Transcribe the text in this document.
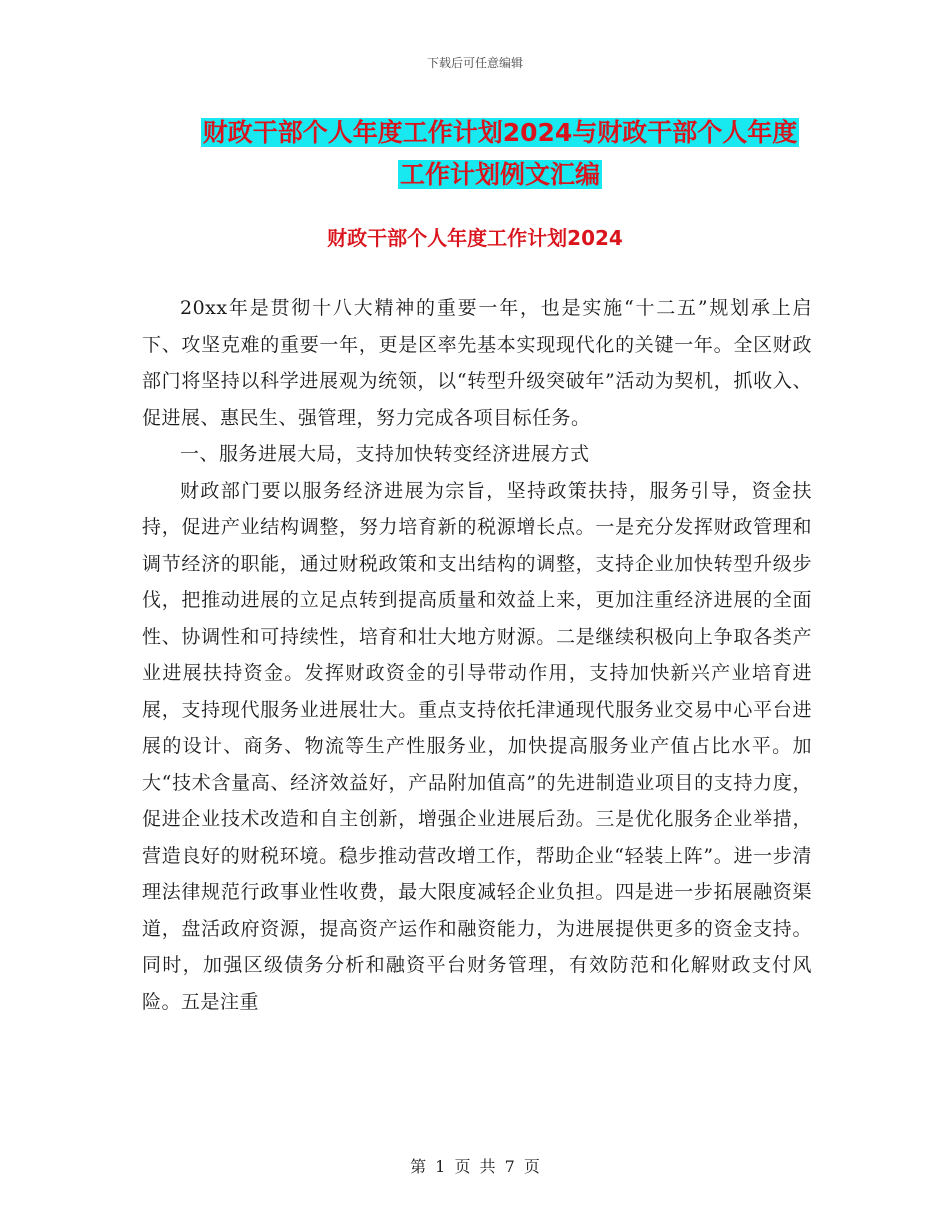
下载后可任意编辑
财政干部个人年度工作计划2024与财政干部个人年度
工作计划例文汇编
财政干部个人年度工作计划2024

20xx年是贯彻十八大精神的重要一年，也是实施“十二五”规划承上启下、攻坚克难的重要一年，更是区率先基本实现现代化的关键一年。全区财政部门将坚持以科学进展观为统领，以“转型升级突破年”活动为契机，抓收入、促进展、惠民生、强管理，努力完成各项目标任务。

一、服务进展大局，支持加快转变经济进展方式

财政部门要以服务经济进展为宗旨，坚持政策扶持，服务引导，资金扶持，促进产业结构调整，努力培育新的税源增长点。一是充分发挥财政管理和调节经济的职能，通过财税政策和支出结构的调整，支持企业加快转型升级步伐，把推动进展的立足点转到提高质量和效益上来，更加注重经济进展的全面性、协调性和可持续性，培育和壮大地方财源。二是继续积极向上争取各类产业进展扶持资金。发挥财政资金的引导带动作用，支持加快新兴产业培育进展，支持现代服务业进展壮大。重点支持依托津通现代服务业交易中心平台进展的设计、商务、物流等生产性服务业，加快提高服务业产值占比水平。加大“技术含量高、经济效益好，产品附加值高”的先进制造业项目的支持力度，促进企业技术改造和自主创新，增强企业进展后劲。三是优化服务企业举措，营造良好的财税环境。稳步推动营改增工作，帮助企业“轻装上阵”。进一步清理法律规范行政事业性收费，最大限度减轻企业负担。四是进一步拓展融资渠道，盘活政府资源，提高资产运作和融资能力，为进展提供更多的资金支持。同时，加强区级债务分析和融资平台财务管理，有效防范和化解财政支付风险。五是注重

第 1 页 共 7 页
